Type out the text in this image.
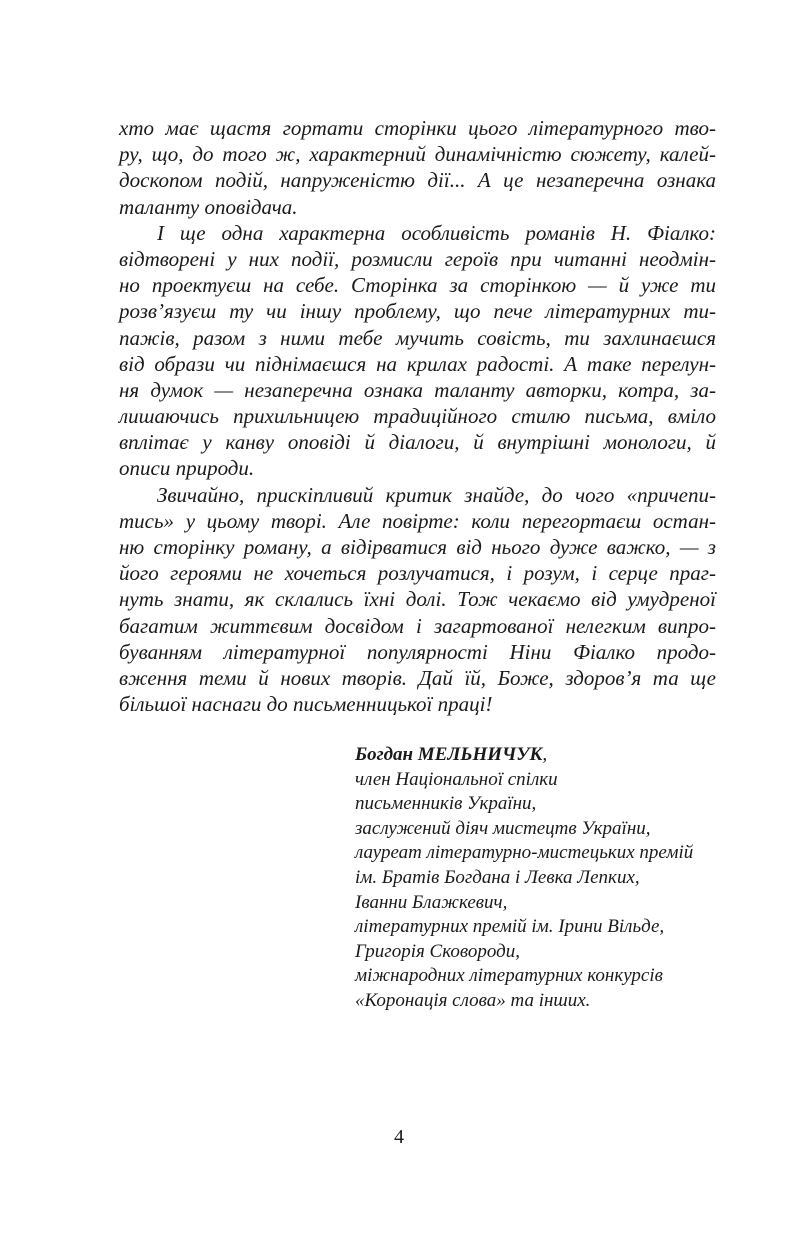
хто має щастя гортати сторінки цього літературного тво-
ру, що, до того ж, характерний динамічністю сюжету, калей-
доскопом подій, напруженістю дії... А це незаперечна ознака
таланту оповідача.
І ще одна характерна особливість романів Н. Фіалко:
відтворені у них події, розмисли героїв при читанні неодмін-
но проектуєш на себе. Сторінка за сторінкою — й уже ти
розв’язуєш ту чи іншу проблему, що пече літературних ти-
пажів, разом з ними тебе мучить совість, ти захлинаєшся
від образи чи піднімаєшся на крилах радості. А таке перелун-
ня думок — незаперечна ознака таланту авторки, котра, за-
лишаючись прихильницею традиційного стилю письма, вміло
вплітає у канву оповіді й діалоги, й внутрішні монологи, й
описи природи.
Звичайно, прискіпливий критик знайде, до чого «причепи-
тись» у цьому творі. Але повірте: коли перегортаєш остан-
ню сторінку роману, а відірватися від нього дуже важко, — з
його героями не хочеться розлучатися, і розум, і серце праг-
нуть знати, як склались їхні долі. Тож чекаємо від умудреної
багатим життєвим досвідом і загартованої нелегким випро-
буванням літературної популярності Ніни Фіалко продо-
вження теми й нових творів. Дай їй, Боже, здоров’я та ще
більшої наснаги до письменницької праці!
Богдан МЕЛЬНИЧУК,
член Національної спілки
письменників України,
заслужений діяч мистецтв України,
лауреат літературно-мистецьких премій
ім. Братів Богдана і Левка Лепких,
Іванни Блажкевич,
літературних премій ім. Ірини Вільде,
Григорія Сковороди,
міжнародних літературних конкурсів
«Коронація слова» та інших.
4
